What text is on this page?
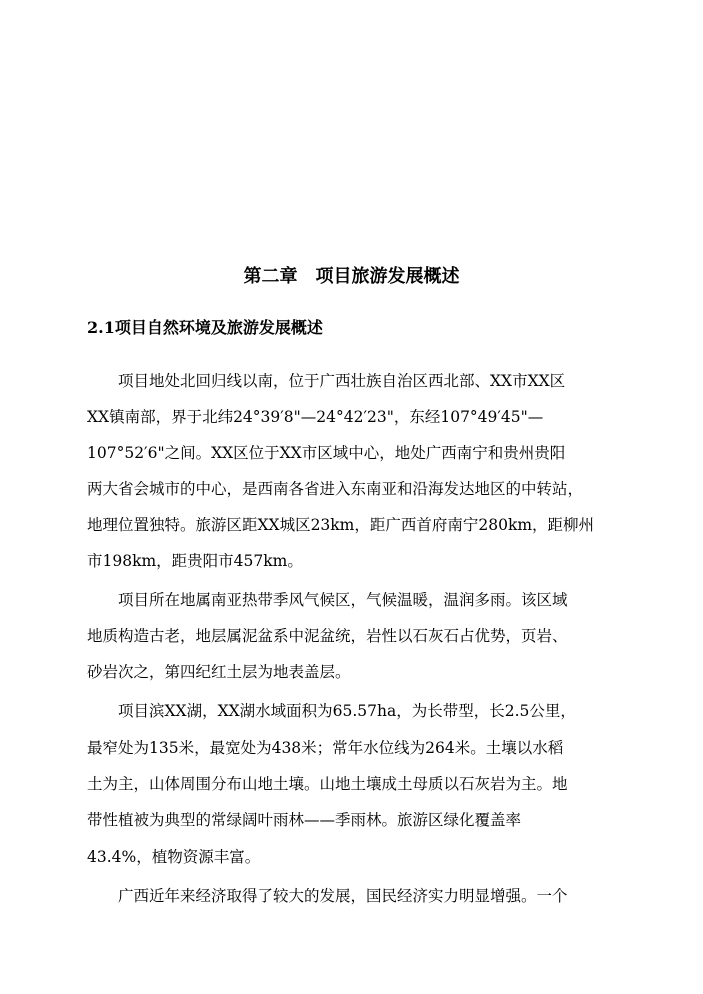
第二章　项目旅游发展概述
2.1项目自然环境及旅游发展概述
项目地处北回归线以南，位于广西壮族自治区西北部、XX市XX区
XX镇南部，界于北纬24°39′8"—24°42′23"，东经107°49′45"—
107°52′6"之间。XX区位于XX市区域中心，地处广西南宁和贵州贵阳
两大省会城市的中心，是西南各省进入东南亚和沿海发达地区的中转站，
地理位置独特。旅游区距XX城区23km，距广西首府南宁280km，距柳州
市198km，距贵阳市457km。
项目所在地属南亚热带季风气候区，气候温暖，温润多雨。该区域
地质构造古老，地层属泥盆系中泥盆统，岩性以石灰石占优势，页岩、
砂岩次之，第四纪红土层为地表盖层。
项目滨XX湖，XX湖水域面积为65.57ha，为长带型，长2.5公里，
最窄处为135米，最宽处为438米；常年水位线为264米。土壤以水稻
土为主，山体周围分布山地土壤。山地土壤成土母质以石灰岩为主。地
带性植被为典型的常绿阔叶雨林——季雨林。旅游区绿化覆盖率
43.4%，植物资源丰富。
广西近年来经济取得了较大的发展，国民经济实力明显增强。一个
